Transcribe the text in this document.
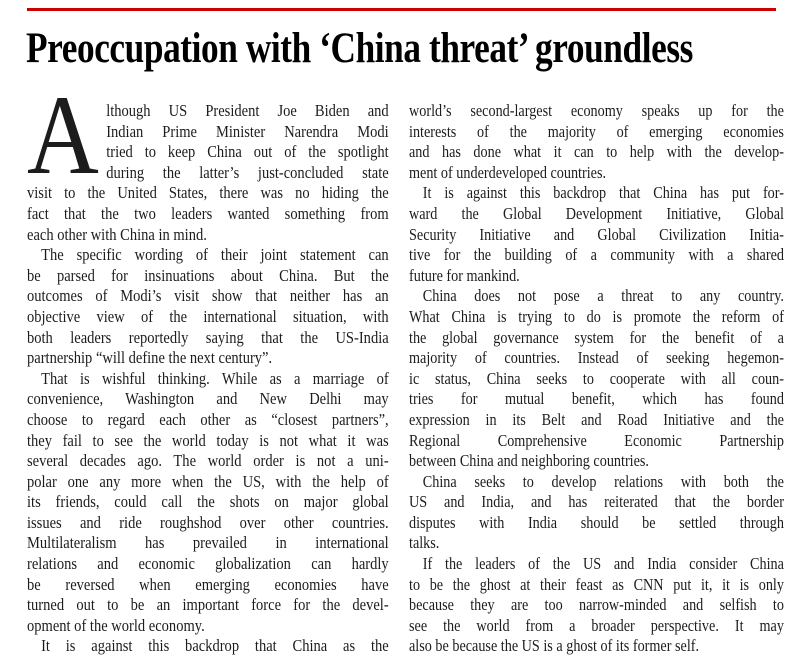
Preoccupation with ‘China threat’ groundless
A lthough US President Joe Biden and
Indian Prime Minister Narendra Modi
tried to keep China out of the spotlight
during the latter’s just-concluded state
visit to the United States, there was no hiding the
fact that the two leaders wanted something from
each other with China in mind.
The specific wording of their joint statement can
be parsed for insinuations about China. But the
outcomes of Modi’s visit show that neither has an
objective view of the international situation, with
both leaders reportedly saying that the US-India
partnership “will define the next century”.
That is wishful thinking. While as a marriage of
convenience, Washington and New Delhi may
choose to regard each other as “closest partners”,
they fail to see the world today is not what it was
several decades ago. The world order is not a uni-
polar one any more when the US, with the help of
its friends, could call the shots on major global
issues and ride roughshod over other countries.
Multilateralism has prevailed in international
relations and economic globalization can hardly
be reversed when emerging economies have
turned out to be an important force for the devel-
opment of the world economy.
It is against this backdrop that China as the
world’s second-largest economy speaks up for the
interests of the majority of emerging economies
and has done what it can to help with the develop-
ment of underdeveloped countries.
It is against this backdrop that China has put for-
ward the Global Development Initiative, Global
Security Initiative and Global Civilization Initia-
tive for the building of a community with a shared
future for mankind.
China does not pose a threat to any country.
What China is trying to do is promote the reform of
the global governance system for the benefit of a
majority of countries. Instead of seeking hegemon-
ic status, China seeks to cooperate with all coun-
tries for mutual benefit, which has found
expression in its Belt and Road Initiative and the
Regional Comprehensive Economic Partnership
between China and neighboring countries.
China seeks to develop relations with both the
US and India, and has reiterated that the border
disputes with India should be settled through
talks.
If the leaders of the US and India consider China
to be the ghost at their feast as CNN put it, it is only
because they are too narrow-minded and selfish to
see the world from a broader perspective. It may
also be because the US is a ghost of its former self.
